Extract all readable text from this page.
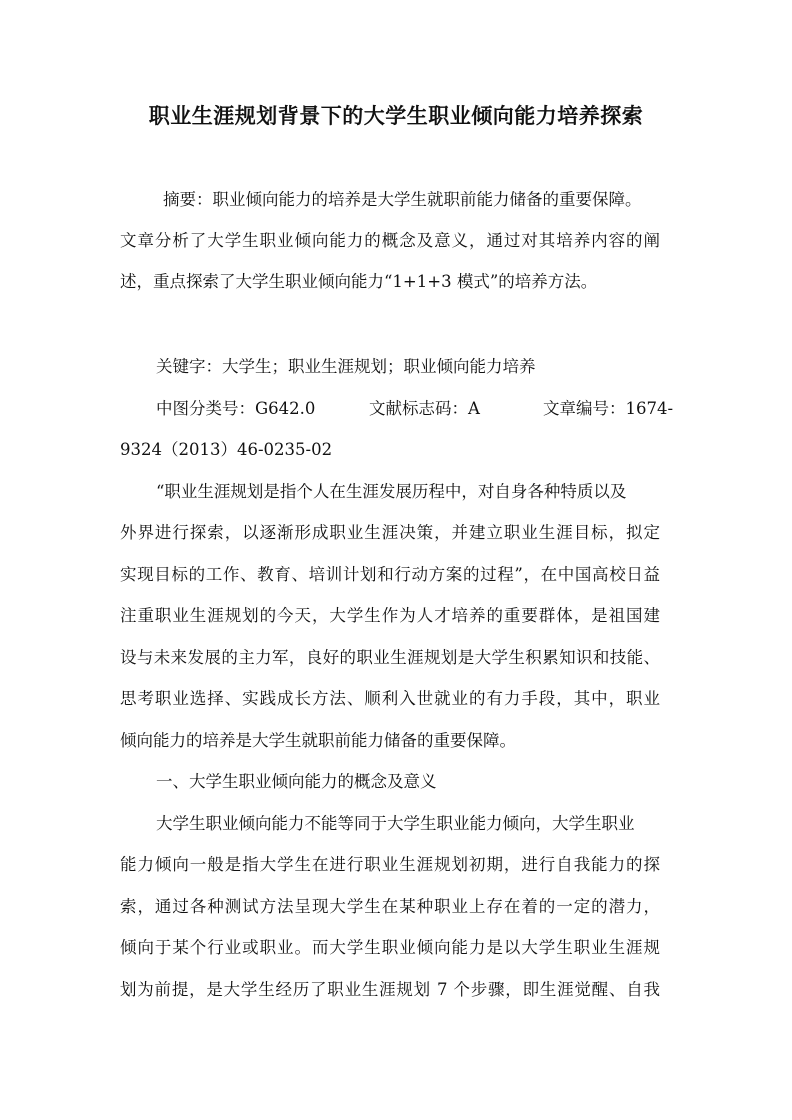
职业生涯规划背景下的大学生职业倾向能力培养探索
摘要：职业倾向能力的培养是大学生就职前能力储备的重要保障。
文章分析了大学生职业倾向能力的概念及意义，通过对其培养内容的阐
述，重点探索了大学生职业倾向能力“1+1+3 模式”的培养方法。
关键字：大学生；职业生涯规划；职业倾向能力培养
中图分类号：G642.0	文献标志码：A	文章编号：1674-
9324（2013）46-0235-02
“职业生涯规划是指个人在生涯发展历程中，对自身各种特质以及
外界进行探索，以逐渐形成职业生涯决策，并建立职业生涯目标，拟定
实现目标的工作、教育、培训计划和行动方案的过程”，在中国高校日益
注重职业生涯规划的今天，大学生作为人才培养的重要群体，是祖国建
设与未来发展的主力军，良好的职业生涯规划是大学生积累知识和技能、
思考职业选择、实践成长方法、顺利入世就业的有力手段，其中，职业
倾向能力的培养是大学生就职前能力储备的重要保障。
一、大学生职业倾向能力的概念及意义
大学生职业倾向能力不能等同于大学生职业能力倾向，大学生职业
能力倾向一般是指大学生在进行职业生涯规划初期，进行自我能力的探
索，通过各种测试方法呈现大学生在某种职业上存在着的一定的潜力，
倾向于某个行业或职业。而大学生职业倾向能力是以大学生职业生涯规
划为前提，是大学生经历了职业生涯规划 7 个步骤，即生涯觉醒、自我
